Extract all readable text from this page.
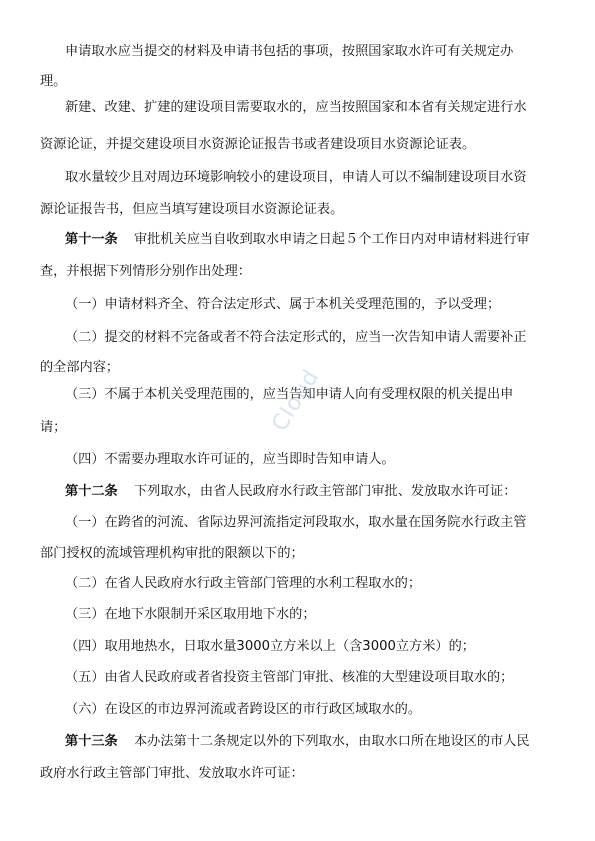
申请取水应当提交的材料及申请书包括的事项，按照国家取水许可有关规定办
理。
新建、改建、扩建的建设项目需要取水的，应当按照国家和本省有关规定进行水
资源论证，并提交建设项目水资源论证报告书或者建设项目水资源论证表。
取水量较少且对周边环境影响较小的建设项目，申请人可以不编制建设项目水资
源论证报告书，但应当填写建设项目水资源论证表。
第十一条 审批机关应当自收到取水申请之日起５个工作日内对申请材料进行审
查，并根据下列情形分别作出处理：
（一）申请材料齐全、符合法定形式、属于本机关受理范围的，予以受理；
（二）提交的材料不完备或者不符合法定形式的，应当一次告知申请人需要补正
的全部内容；
（三）不属于本机关受理范围的，应当告知申请人向有受理权限的机关提出申
请；
（四）不需要办理取水许可证的，应当即时告知申请人。
第十二条 下列取水，由省人民政府水行政主管部门审批、发放取水许可证：
（一）在跨省的河流、省际边界河流指定河段取水，取水量在国务院水行政主管
部门授权的流域管理机构审批的限额以下的；
（二）在省人民政府水行政主管部门管理的水利工程取水的；
（三）在地下水限制开采区取用地下水的；
（四）取用地热水，日取水量3000立方米以上（含3000立方米）的；
（五）由省人民政府或者省投资主管部门审批、核准的大型建设项目取水的；
（六）在设区的市边界河流或者跨设区的市行政区域取水的。
第十三条 本办法第十二条规定以外的下列取水，由取水口所在地设区的市人民
政府水行政主管部门审批、发放取水许可证：
Cloud
